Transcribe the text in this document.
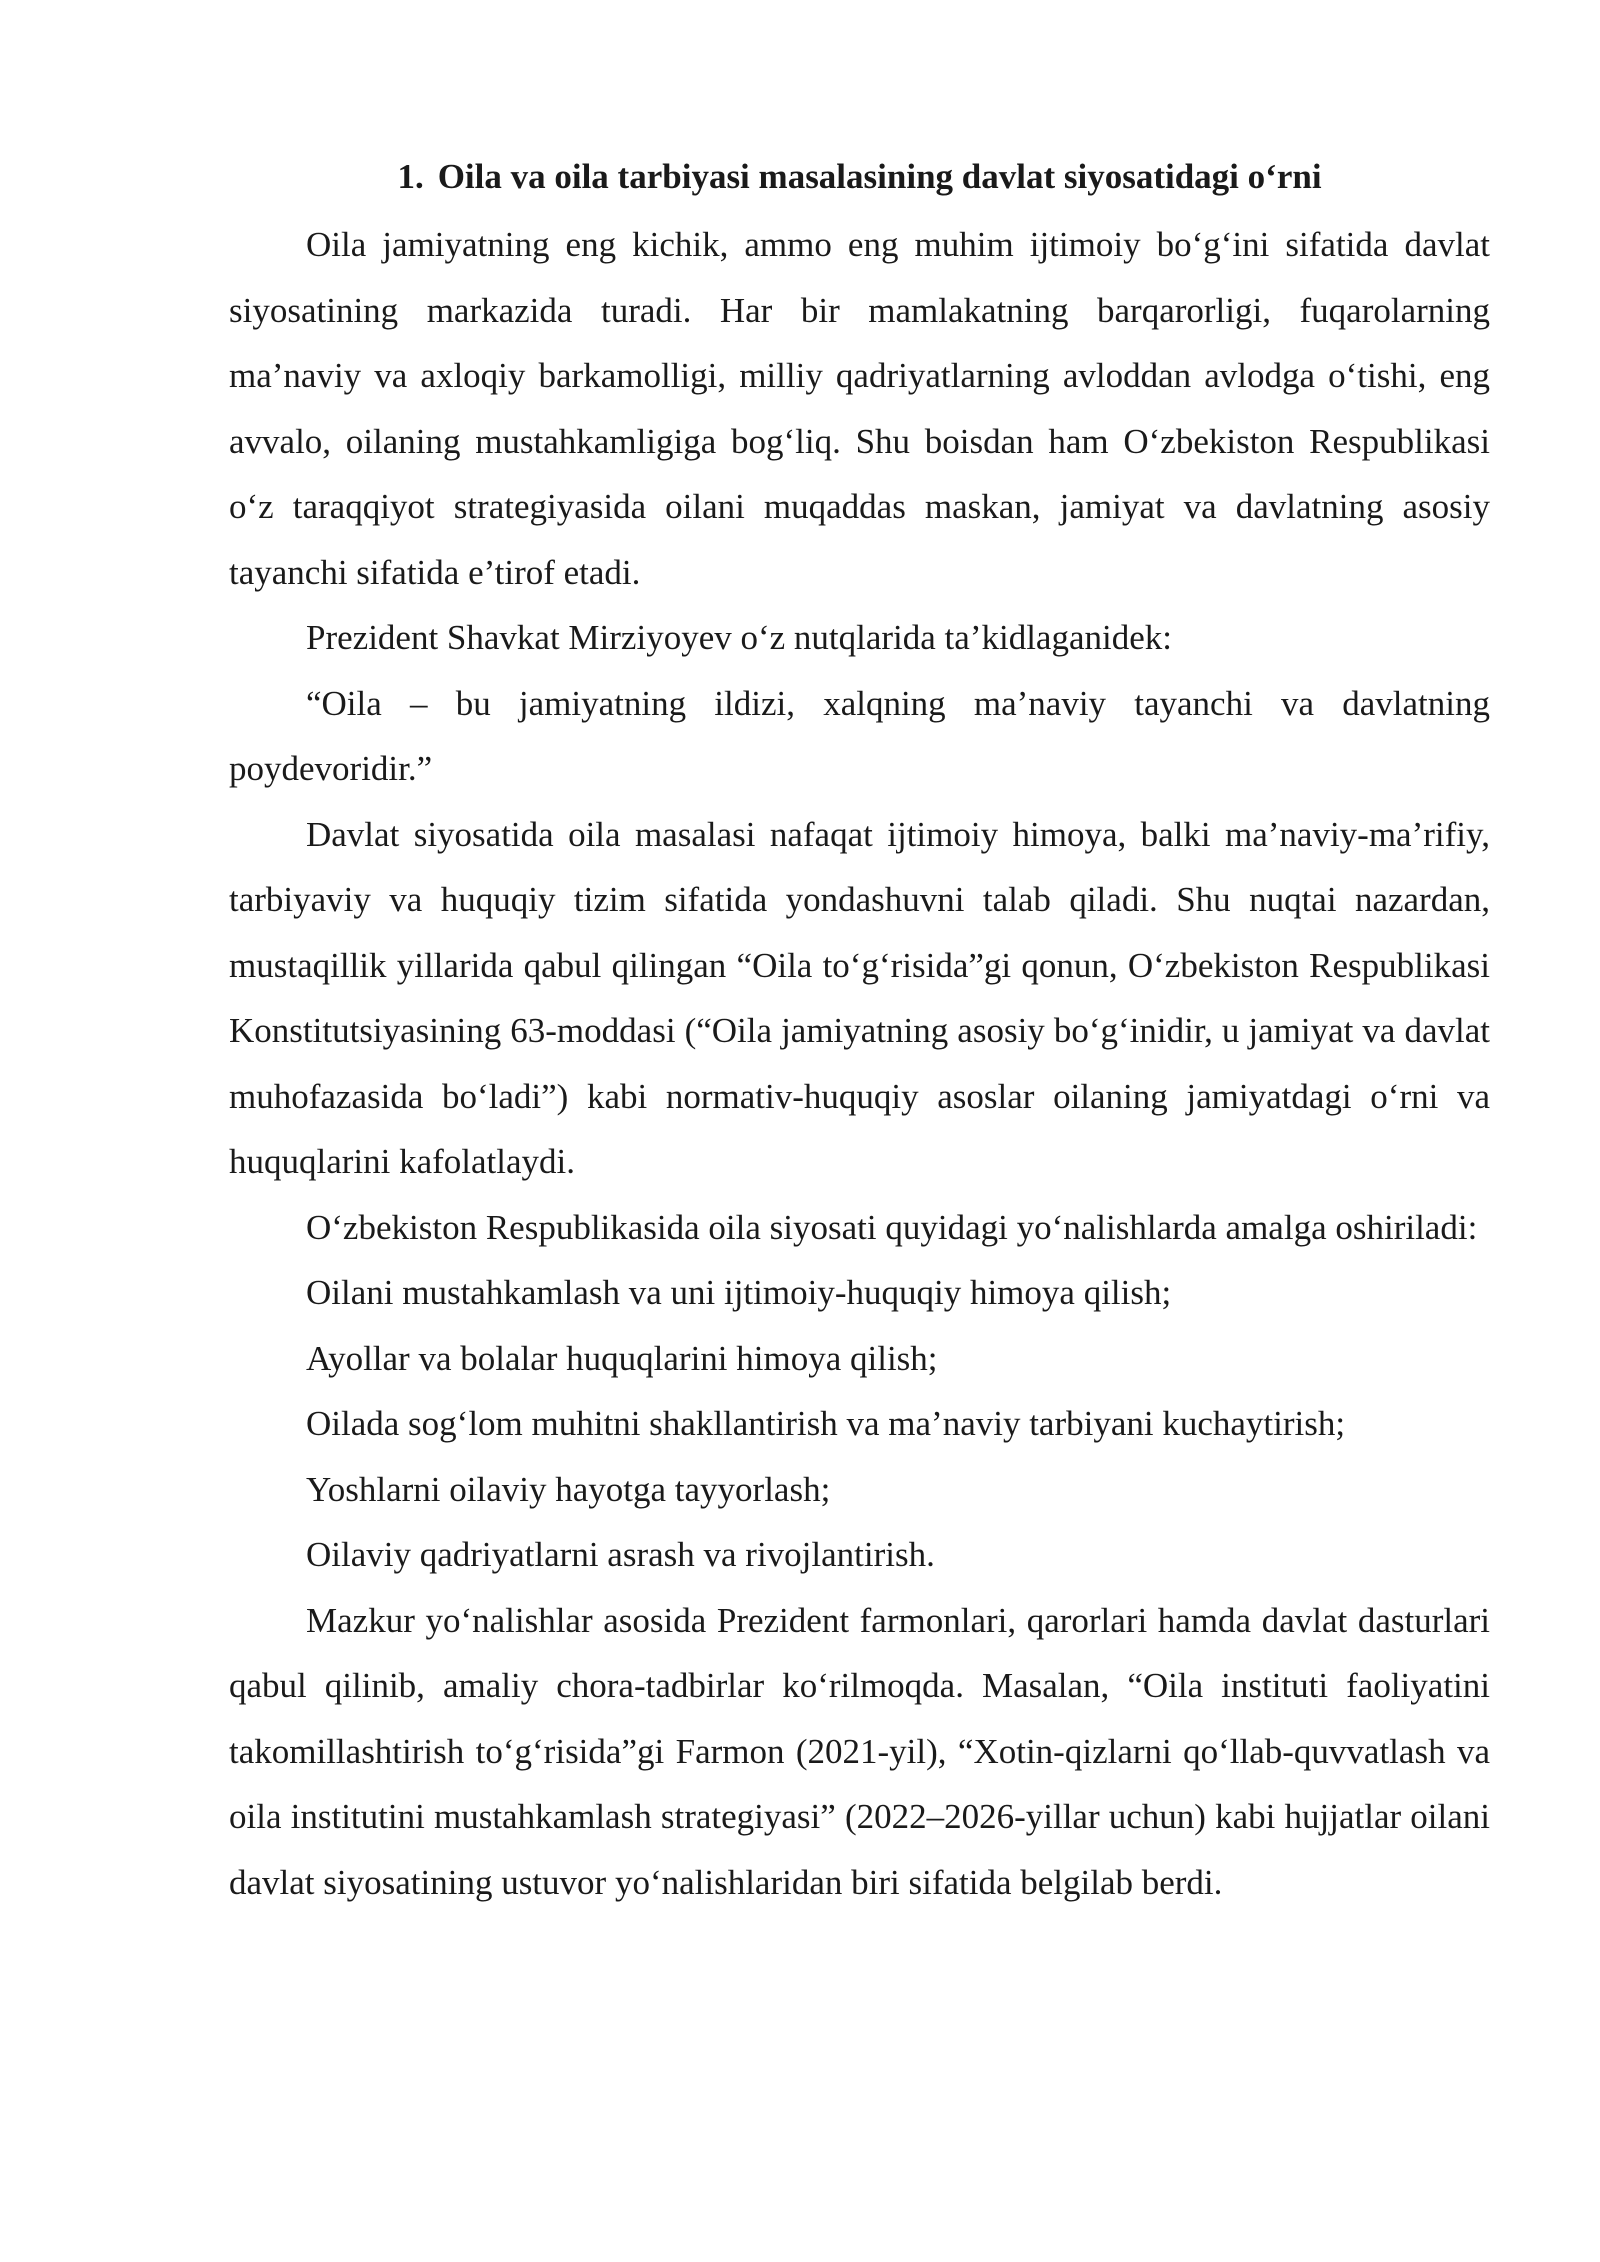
1. Oila va oila tarbiyasi masalasining davlat siyosatidagi o‘rni

Oila jamiyatning eng kichik, ammo eng muhim ijtimoiy bo‘g‘ini sifatida davlat siyosatining markazida turadi. Har bir mamlakatning barqarorligi, fuqarolarning ma’naviy va axloqiy barkamolligi, milliy qadriyatlarning avloddan avlodga o‘tishi, eng avvalo, oilaning mustahkamligiga bog‘liq. Shu boisdan ham O‘zbekiston Respublikasi o‘z taraqqiyot strategiyasida oilani muqaddas maskan, jamiyat va davlatning asosiy tayanchi sifatida e’tirof etadi.

Prezident Shavkat Mirziyoyev o‘z nutqlarida ta’kidlaganidek:

“Oila – bu jamiyatning ildizi, xalqning ma’naviy tayanchi va davlatning poydevoridir.”

Davlat siyosatida oila masalasi nafaqat ijtimoiy himoya, balki ma’naviy-ma’rifiy, tarbiyaviy va huquqiy tizim sifatida yondashuvni talab qiladi. Shu nuqtai nazardan, mustaqillik yillarida qabul qilingan “Oila to‘g‘risida”gi qonun, O‘zbekiston Respublikasi Konstitutsiyasining 63-moddasi (“Oila jamiyatning asosiy bo‘g‘inidir, u jamiyat va davlat muhofazasida bo‘ladi”) kabi normativ-huquqiy asoslar oilaning jamiyatdagi o‘rni va huquqlarini kafolatlaydi.

O‘zbekiston Respublikasida oila siyosati quyidagi yo‘nalishlarda amalga oshiriladi:

Oilani mustahkamlash va uni ijtimoiy-huquqiy himoya qilish;

Ayollar va bolalar huquqlarini himoya qilish;

Oilada sog‘lom muhitni shakllantirish va ma’naviy tarbiyani kuchaytirish;

Yoshlarni oilaviy hayotga tayyorlash;

Oilaviy qadriyatlarni asrash va rivojlantirish.

Mazkur yo‘nalishlar asosida Prezident farmonlari, qarorlari hamda davlat dasturlari qabul qilinib, amaliy chora-tadbirlar ko‘rilmoqda. Masalan, “Oila instituti faoliyatini takomillashtirish to‘g‘risida”gi Farmon (2021-yil), “Xotin-qizlarni qo‘llab-quvvatlash va oila institutini mustahkamlash strategiyasi” (2022–2026-yillar uchun) kabi hujjatlar oilani davlat siyosatining ustuvor yo‘nalishlaridan biri sifatida belgilab berdi.
